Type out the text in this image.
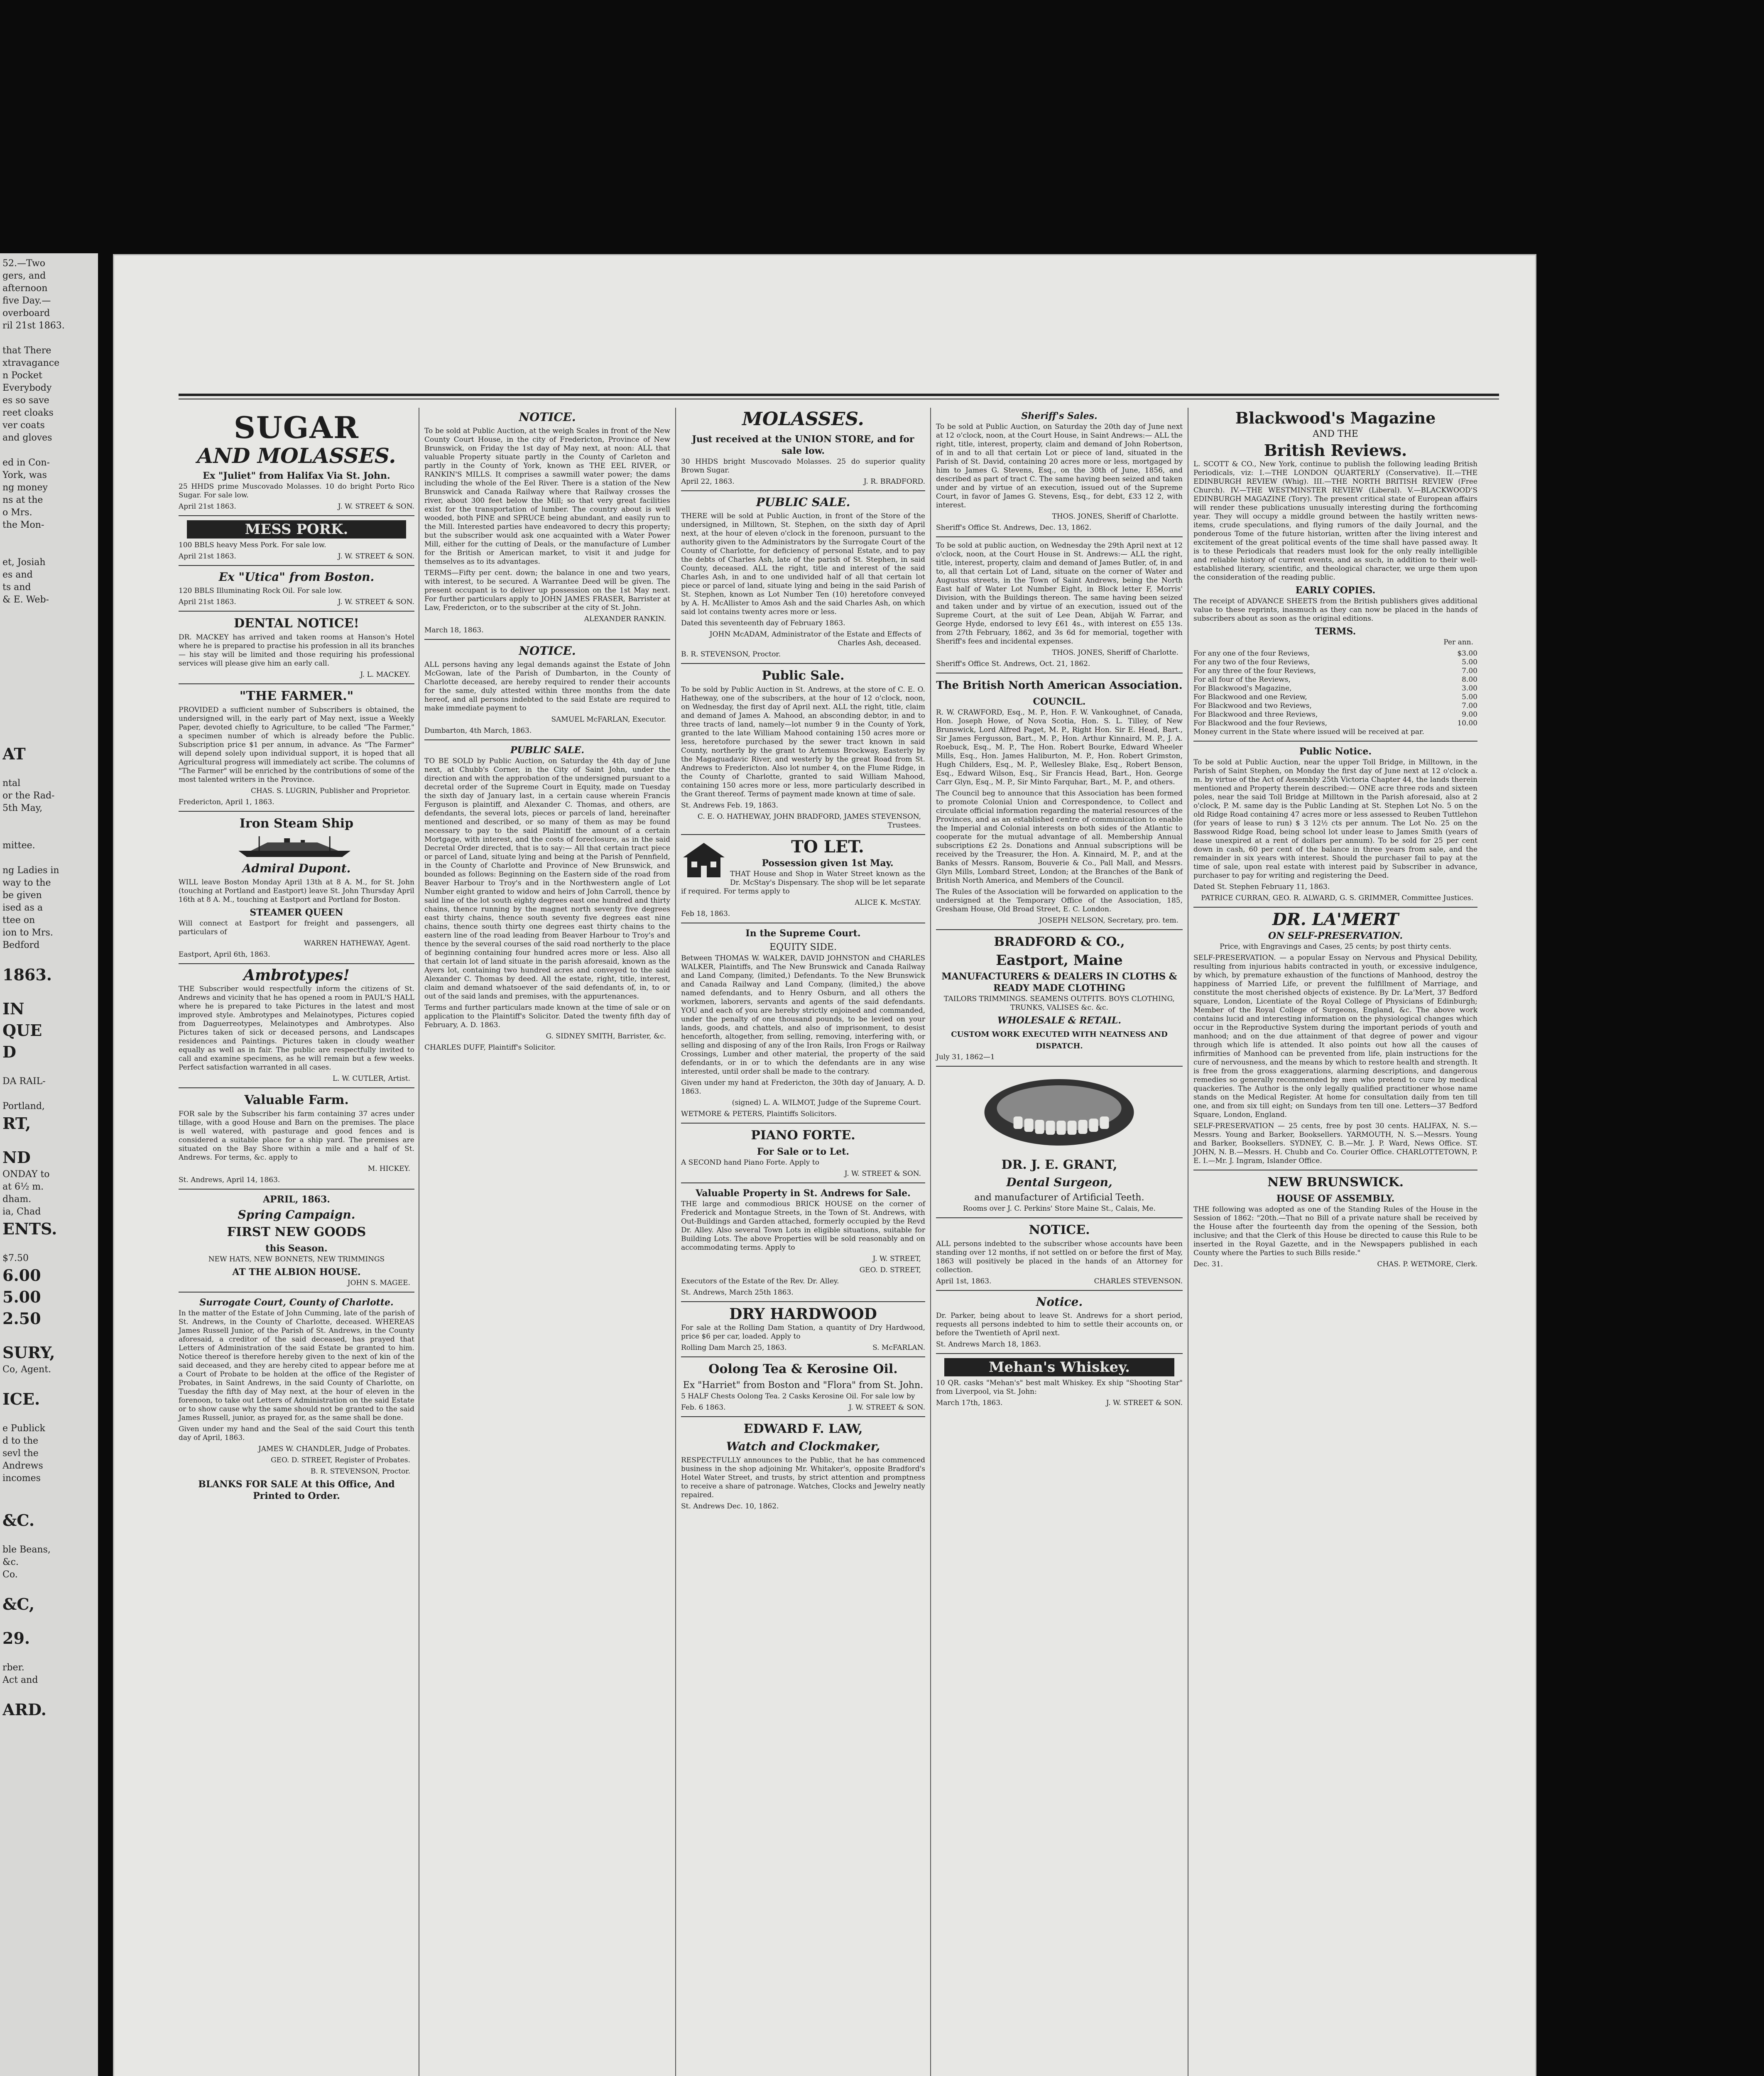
52.—Two
gers, and
afternoon
five Day.—
overboard
ril 21st 1863.
that There
xtravagance
n Pocket
Everybody
es so save
reet cloaks
ver coats
and gloves
ed in Con-
York, was
ng money
ns at the
o Mrs.
the Mon-
et, Josiah
es and
ts and
& E. Web-
AT
ntal
or the Rad-
5th May,
mittee.
ng Ladies in
way to the
be given
ised as a
ttee on
ion to Mrs.
Bedford
1863.
IN
QUE
D
DA RAIL-
Portland,
RT,
ND
ONDAY to
at 6½ m.
dham.
ia, Chad
ENTS.
$7.50
6.00
5.00
2.50
SURY,
Co, Agent.
ICE.
e Publick
d to the
sevl the
Andrews
incomes
&C.
ble Beans,
&c.
Co.
&C,
29.
rber.
Act and
ARD.
SUGAR
AND MOLASSES.
Ex "Juliet" from Halifax Via St. John.

25 HHDS prime Muscovado Molasses. 10 do bright Porto Rico Sugar. For sale low.

April 21st 1863.	J. W. STREET & SON.

MESS PORK.

100 BBLS heavy Mess Pork. For sale low.

April 21st 1863.	J. W. STREET & SON.

Ex "Utica" from Boston.

120 BBLS Illuminating Rock Oil. For sale low.

April 21st 1863.	J. W. STREET & SON.

DENTAL NOTICE!

DR. MACKEY has arrived and taken rooms at Hanson's Hotel where he is prepared to practise his profession in all its branches — his stay will be limited and those requiring his professional services will please give him an early call.

J. L. MACKEY.

"THE FARMER."

PROVIDED a sufficient number of Subscribers is obtained, the undersigned will, in the early part of May next, issue a Weekly Paper, devoted chiefly to Agriculture, to be called "The Farmer," a specimen number of which is already before the Public. Subscription price $1 per annum, in advance. As "The Farmer" will depend solely upon individual support, it is hoped that all Agricultural progress will immediately act scribe. The columns of "The Farmer" will be enriched by the contributions of some of the most talented writers in the Province.

CHAS. S. LUGRIN, Publisher and Proprietor.

Fredericton, April 1, 1863.

Iron Steam Ship
Admiral Dupont.

WILL leave Boston Monday April 13th at 8 A. M., for St. John (touching at Portland and Eastport) leave St. John Thursday April 16th at 8 A. M., touching at Eastport and Portland for Boston.

STEAMER QUEEN

Will connect at Eastport for freight and passengers, all particulars of

WARREN HATHEWAY, Agent.

Eastport, April 6th, 1863.

Ambrotypes!

THE Subscriber would respectfully inform the citizens of St. Andrews and vicinity that he has opened a room in PAUL'S HALL where he is prepared to take Pictures in the latest and most improved style. Ambrotypes and Melainotypes, Pictures copied from Daguerreotypes, Melainotypes and Ambrotypes. Also Pictures taken of sick or deceased persons, and Landscapes residences and Paintings. Pictures taken in cloudy weather equally as well as in fair. The public are respectfully invited to call and examine specimens, as he will remain but a few weeks. Perfect satisfaction warranted in all cases.

L. W. CUTLER, Artist.

Valuable Farm.

FOR sale by the Subscriber his farm containing 37 acres under tillage, with a good House and Barn on the premises. The place is well watered, with pasturage and good fences and is considered a suitable place for a ship yard. The premises are situated on the Bay Shore within a mile and a half of St. Andrews. For terms, &c. apply to

M. HICKEY.

St. Andrews, April 14, 1863.

APRIL, 1863.
Spring Campaign.
FIRST NEW GOODS
this Season.

NEW HATS, NEW BONNETS, NEW TRIMMINGS

AT THE ALBION HOUSE.

JOHN S. MAGEE.

Surrogate Court, County of Charlotte.

In the matter of the Estate of John Cumming, late of the parish of St. Andrews, in the County of Charlotte, deceased. WHEREAS James Russell Junior, of the Parish of St. Andrews, in the County aforesaid, a creditor of the said deceased, has prayed that Letters of Administration of the said Estate be granted to him. Notice thereof is therefore hereby given to the next of kin of the said deceased, and they are hereby cited to appear before me at a Court of Probate to be holden at the office of the Register of Probates, in Saint Andrews, in the said County of Charlotte, on Tuesday the fifth day of May next, at the hour of eleven in the forenoon, to take out Letters of Administration on the said Estate or to show cause why the same should not be granted to the said James Russell, junior, as prayed for, as the same shall be done.

Given under my hand and the Seal of the said Court this tenth day of April, 1863.

JAMES W. CHANDLER, Judge of Probates.

GEO. D. STREET, Register of Probates.

B. R. STEVENSON, Proctor.

BLANKS FOR SALE At this Office, And Printed to Order.
NOTICE.

To be sold at Public Auction, at the weigh Scales in front of the New County Court House, in the city of Fredericton, Province of New Brunswick, on Friday the 1st day of May next, at noon: ALL that valuable Property situate partly in the County of Carleton and partly in the County of York, known as THE EEL RIVER, or RANKIN'S MILLS. It comprises a sawmill water power; the dams including the whole of the Eel River. There is a station of the New Brunswick and Canada Railway where that Railway crosses the river, about 300 feet below the Mill; so that very great facilities exist for the transportation of lumber. The country about is well wooded, both PINE and SPRUCE being abundant, and easily run to the Mill. Interested parties have endeavored to decry this property; but the subscriber would ask one acquainted with a Water Power Mill, either for the cutting of Deals, or the manufacture of Lumber for the British or American market, to visit it and judge for themselves as to its advantages.

TERMS—Fifty per cent. down; the balance in one and two years, with interest, to be secured. A Warrantee Deed will be given. The present occupant is to deliver up possession on the 1st May next. For further particulars apply to JOHN JAMES FRASER, Barrister at Law, Fredericton, or to the subscriber at the city of St. John.

ALEXANDER RANKIN.

March 18, 1863.

NOTICE.

ALL persons having any legal demands against the Estate of John McGowan, late of the Parish of Dumbarton, in the County of Charlotte deceased, are hereby required to render their accounts for the same, duly attested within three months from the date hereof, and all persons indebted to the said Estate are required to make immediate payment to

SAMUEL McFARLAN, Executor.

Dumbarton, 4th March, 1863.

PUBLIC SALE.

TO BE SOLD by Public Auction, on Saturday the 4th day of June next, at Chubb's Corner, in the City of Saint John, under the direction and with the approbation of the undersigned pursuant to a decretal order of the Supreme Court in Equity, made on Tuesday the sixth day of January last, in a certain cause wherein Francis Ferguson is plaintiff, and Alexander C. Thomas, and others, are defendants, the several lots, pieces or parcels of land, hereinafter mentioned and described, or so many of them as may be found necessary to pay to the said Plaintiff the amount of a certain Mortgage, with interest, and the costs of foreclosure, as in the said Decretal Order directed, that is to say:— All that certain tract piece or parcel of Land, situate lying and being at the Parish of Pennfield, in the County of Charlotte and Province of New Brunswick, and bounded as follows: Beginning on the Eastern side of the road from Beaver Harbour to Troy's and in the Northwestern angle of Lot Number eight granted to widow and heirs of John Carroll, thence by said line of the lot south eighty degrees east one hundred and thirty chains, thence running by the magnet north seventy five degrees east thirty chains, thence south seventy five degrees east nine chains, thence south thirty one degrees east thirty chains to the eastern line of the road leading from Beaver Harbour to Troy's and thence by the several courses of the said road northerly to the place of beginning containing four hundred acres more or less. Also all that certain lot of land situate in the parish aforesaid, known as the Ayers lot, containing two hundred acres and conveyed to the said Alexander C. Thomas by deed. All the estate, right, title, interest, claim and demand whatsoever of the said defendants of, in, to or out of the said lands and premises, with the appurtenances.

Terms and further particulars made known at the time of sale or on application to the Plaintiff's Solicitor. Dated the twenty fifth day of February, A. D. 1863.

G. SIDNEY SMITH, Barrister, &c.

CHARLES DUFF, Plaintiff's Solicitor.

MOLASSES.
Just received at the UNION STORE, and for sale low.

30 HHDS bright Muscovado Molasses. 25 do superior quality Brown Sugar.

April 22, 1863.	J. R. BRADFORD.

PUBLIC SALE.

THERE will be sold at Public Auction, in front of the Store of the undersigned, in Milltown, St. Stephen, on the sixth day of April next, at the hour of eleven o'clock in the forenoon, pursuant to the authority given to the Administrators by the Surrogate Court of the County of Charlotte, for deficiency of personal Estate, and to pay the debts of Charles Ash, late of the parish of St. Stephen, in said County, deceased. ALL the right, title and interest of the said Charles Ash, in and to one undivided half of all that certain lot piece or parcel of land, situate lying and being in the said Parish of St. Stephen, known as Lot Number Ten (10) heretofore conveyed by A. H. McAllister to Amos Ash and the said Charles Ash, on which said lot contains twenty acres more or less.

Dated this seventeenth day of February 1863.

JOHN McADAM, Administrator of the Estate and Effects of Charles Ash, deceased.

B. R. STEVENSON, Proctor.

Public Sale.

To be sold by Public Auction in St. Andrews, at the store of C. E. O. Hatheway, one of the subscribers, at the hour of 12 o'clock, noon, on Wednesday, the first day of April next. ALL the right, title, claim and demand of James A. Mahood, an absconding debtor, in and to three tracts of land, namely—lot number 9 in the County of York, granted to the late William Mahood containing 150 acres more or less, heretofore purchased by the sewer tract known in said County, northerly by the grant to Artemus Brockway, Easterly by the Magaguadavic River, and westerly by the great Road from St. Andrews to Fredericton. Also lot number 4, on the Flume Ridge, in the County of Charlotte, granted to said William Mahood, containing 150 acres more or less, more particularly described in the Grant thereof. Terms of payment made known at time of sale.

St. Andrews Feb. 19, 1863.

C. E. O. HATHEWAY, JOHN BRADFORD, JAMES STEVENSON, Trustees.

TO LET.
Possession given 1st May.

THAT House and Shop in Water Street known as the Dr. McStay's Dispensary. The shop will be let separate if required. For terms apply to

ALICE K. McSTAY.

Feb 18, 1863.

In the Supreme Court.
EQUITY SIDE.

Between THOMAS W. WALKER, DAVID JOHNSTON and CHARLES WALKER, Plaintiffs, and The New Brunswick and Canada Railway and Land Company, (limited,) Defendants. To the New Brunswick and Canada Railway and Land Company, (limited,) the above named defendants, and to Henry Osburn, and all others the workmen, laborers, servants and agents of the said defendants. YOU and each of you are hereby strictly enjoined and commanded, under the penalty of one thousand pounds, to be levied on your lands, goods, and chattels, and also of imprisonment, to desist henceforth, altogether, from selling, removing, interfering with, or selling and disposing of any of the Iron Rails, Iron Frogs or Railway Crossings, Lumber and other material, the property of the said defendants, or in or to which the defendants are in any wise interested, until order shall be made to the contrary.

Given under my hand at Fredericton, the 30th day of January, A. D. 1863.

(signed) L. A. WILMOT, Judge of the Supreme Court.

WETMORE & PETERS, Plaintiffs Solicitors.

PIANO FORTE.
For Sale or to Let.

A SECOND hand Piano Forte. Apply to

J. W. STREET & SON.

Valuable Property in St. Andrews for Sale.

THE large and commodious BRICK HOUSE on the corner of Frederick and Montague Streets, in the Town of St. Andrews, with Out-Buildings and Garden attached, formerly occupied by the Revd Dr. Alley. Also several Town Lots in eligible situations, suitable for Building Lots. The above Properties will be sold reasonably and on accommodating terms. Apply to

J. W. STREET,

GEO. D. STREET,

Executors of the Estate of the Rev. Dr. Alley.

St. Andrews, March 25th 1863.

DRY HARDWOOD

For sale at the Rolling Dam Station, a quantity of Dry Hardwood, price $6 per car, loaded. Apply to

Rolling Dam March 25, 1863.	S. McFARLAN.

Oolong Tea & Kerosine Oil.
Ex "Harriet" from Boston and "Flora" from St. John.

5 HALF Chests Oolong Tea. 2 Casks Kerosine Oil. For sale low by

Feb. 6 1863.	J. W. STREET & SON.

EDWARD F. LAW,
Watch and Clockmaker,

RESPECTFULLY announces to the Public, that he has commenced business in the shop adjoining Mr. Whitaker's, opposite Bradford's Hotel Water Street, and trusts, by strict attention and promptness to receive a share of patronage. Watches, Clocks and Jewelry neatly repaired.

St. Andrews Dec. 10, 1862.

Sheriff's Sales.

To be sold at Public Auction, on Saturday the 20th day of June next at 12 o'clock, noon, at the Court House, in Saint Andrews:— ALL the right, title, interest, property, claim and demand of John Robertson, of in and to all that certain Lot or piece of land, situated in the Parish of St. David, containing 20 acres more or less, mortgaged by him to James G. Stevens, Esq., on the 30th of June, 1856, and described as part of tract C. The same having been seized and taken under and by virtue of an execution, issued out of the Supreme Court, in favor of James G. Stevens, Esq., for debt, £33 12 2, with interest.

THOS. JONES, Sheriff of Charlotte.

Sheriff's Office St. Andrews, Dec. 13, 1862.

To be sold at public auction, on Wednesday the 29th April next at 12 o'clock, noon, at the Court House in St. Andrews:— ALL the right, title, interest, property, claim and demand of James Butler, of, in and to, all that certain Lot of Land, situate on the corner of Water and Augustus streets, in the Town of Saint Andrews, being the North East half of Water Lot Number Eight, in Block letter F, Morris' Division, with the Buildings thereon. The same having been seized and taken under and by virtue of an execution, issued out of the Supreme Court, at the suit of Lee Dean, Abijah W. Farrar, and George Hyde, endorsed to levy £61 4s., with interest on £55 13s. from 27th February, 1862, and 3s 6d for memorial, together with Sheriff's fees and incidental expenses.

THOS. JONES, Sheriff of Charlotte.

Sheriff's Office St. Andrews, Oct. 21, 1862.

The British North American Association.
COUNCIL.

R. W. CRAWFORD, Esq., M. P., Hon. F. W. Vankoughnet, of Canada, Hon. Joseph Howe, of Nova Scotia, Hon. S. L. Tilley, of New Brunswick, Lord Alfred Paget, M. P., Right Hon. Sir E. Head, Bart., Sir James Fergusson, Bart., M. P., Hon. Arthur Kinnaird, M. P., J. A. Roebuck, Esq., M. P., The Hon. Robert Bourke, Edward Wheeler Mills, Esq., Hon. James Haliburton, M. P., Hon. Robert Grimston, Hugh Childers, Esq., M. P., Wellesley Blake, Esq., Robert Benson, Esq., Edward Wilson, Esq., Sir Francis Head, Bart., Hon. George Carr Glyn, Esq., M. P., Sir Minto Farquhar, Bart., M. P., and others.

The Council beg to announce that this Association has been formed to promote Colonial Union and Correspondence, to Collect and circulate official information regarding the material resources of the Provinces, and as an established centre of communication to enable the Imperial and Colonial interests on both sides of the Atlantic to cooperate for the mutual advantage of all. Membership Annual subscriptions £2 2s. Donations and Annual subscriptions will be received by the Treasurer, the Hon. A. Kinnaird, M. P., and at the Banks of Messrs. Ransom, Bouverie & Co., Pall Mall, and Messrs. Glyn Mills, Lombard Street, London; at the Branches of the Bank of British North America, and Members of the Council.

The Rules of the Association will be forwarded on application to the undersigned at the Temporary Office of the Association, 185, Gresham House, Old Broad Street, E. C. London.

JOSEPH NELSON, Secretary, pro. tem.

BRADFORD & CO.,
Eastport, Maine
MANUFACTURERS & DEALERS IN CLOTHS & READY MADE CLOTHING

TAILORS TRIMMINGS. SEAMENS OUTFITS. BOYS CLOTHING, TRUNKS, VALISES &c. &c.

WHOLESALE & RETAIL.
CUSTOM WORK EXECUTED WITH NEATNESS AND DISPATCH.

July 31, 1862—1

DR. J. E. GRANT,
Dental Surgeon,
and manufacturer of Artificial Teeth.

Rooms over J. C. Perkins' Store Maine St., Calais, Me.

NOTICE.

ALL persons indebted to the subscriber whose accounts have been standing over 12 months, if not settled on or before the first of May, 1863 will positively be placed in the hands of an Attorney for collection.

April 1st, 1863.	CHARLES STEVENSON.

Notice.

Dr. Parker, being about to leave St. Andrews for a short period, requests all persons indebted to him to settle their accounts on, or before the Twentieth of April next.

St. Andrews March 18, 1863.

Mehan's Whiskey.

10 QR. casks "Mehan's" best malt Whiskey. Ex ship "Shooting Star" from Liverpool, via St. John:

March 17th, 1863.	J. W. STREET & SON.

Blackwood's Magazine
AND THE
British Reviews.

L. SCOTT & CO., New York, continue to publish the following leading British Periodicals, viz: I.—THE LONDON QUARTERLY (Conservative). II.—THE EDINBURGH REVIEW (Whig). III.—THE NORTH BRITISH REVIEW (Free Church). IV.—THE WESTMINSTER REVIEW (Liberal). V.—BLACKWOOD'S EDINBURGH MAGAZINE (Tory). The present critical state of European affairs will render these publications unusually interesting during the forthcoming year. They will occupy a middle ground between the hastily written news-items, crude speculations, and flying rumors of the daily Journal, and the ponderous Tome of the future historian, written after the living interest and excitement of the great political events of the time shall have passed away. It is to these Periodicals that readers must look for the only really intelligible and reliable history of current events, and as such, in addition to their well-established literary, scientific, and theological character, we urge them upon the consideration of the reading public.

EARLY COPIES.

The receipt of ADVANCE SHEETS from the British publishers gives additional value to these reprints, inasmuch as they can now be placed in the hands of subscribers about as soon as the original editions.

TERMS.

Per ann.

For any one of the four Reviews,	$3.00
For any two of the four Reviews,	5.00
For any three of the four Reviews,	7.00
For all four of the Reviews,	8.00
For Blackwood's Magazine,	3.00
For Blackwood and one Review,	5.00
For Blackwood and two Reviews,	7.00
For Blackwood and three Reviews,	9.00
For Blackwood and the four Reviews,	10.00

Money current in the State where issued will be received at par.

Public Notice.

To be sold at Public Auction, near the upper Toll Bridge, in Milltown, in the Parish of Saint Stephen, on Monday the first day of June next at 12 o'clock a. m. by virtue of the Act of Assembly 25th Victoria Chapter 44, the lands therein mentioned and Property therein described:— ONE acre three rods and sixteen poles, near the said Toll Bridge at Milltown in the Parish aforesaid, also at 2 o'clock, P. M. same day is the Public Landing at St. Stephen Lot No. 5 on the old Ridge Road containing 47 acres more or less assessed to Reuben Tuttlehon (for years of lease to run) $ 3 12½ cts per annum. The Lot No. 25 on the Basswood Ridge Road, being school lot under lease to James Smith (years of lease unexpired at a rent of dollars per annum). To be sold for 25 per cent down in cash, 60 per cent of the balance in three years from sale, and the remainder in six years with interest. Should the purchaser fail to pay at the time of sale, upon real estate with interest paid by Subscriber in advance, purchaser to pay for writing and registering the Deed.

Dated St. Stephen February 11, 1863.

PATRICE CURRAN, GEO. R. ALWARD, G. S. GRIMMER, Committee Justices.

DR. LA'MERT
ON SELF-PRESERVATION.

Price, with Engravings and Cases, 25 cents; by post thirty cents.

SELF-PRESERVATION. — a popular Essay on Nervous and Physical Debility, resulting from injurious habits contracted in youth, or excessive indulgence, by which, by premature exhaustion of the functions of Manhood, destroy the happiness of Married Life, or prevent the fulfillment of Marriage, and constitute the most cherished objects of existence. By Dr. La'Mert, 37 Bedford square, London, Licentiate of the Royal College of Physicians of Edinburgh; Member of the Royal College of Surgeons, England, &c. The above work contains lucid and interesting information on the physiological changes which occur in the Reproductive System during the important periods of youth and manhood; and on the due attainment of that degree of power and vigour through which life is attended. It also points out how all the causes of infirmities of Manhood can be prevented from life, plain instructions for the cure of nervousness, and the means by which to restore health and strength. It is free from the gross exaggerations, alarming descriptions, and dangerous remedies so generally recommended by men who pretend to cure by medical quackeries. The Author is the only legally qualified practitioner whose name stands on the Medical Register. At home for consultation daily from ten till one, and from six till eight; on Sundays from ten till one. Letters—37 Bedford Square, London, England.

SELF-PRESERVATION — 25 cents, free by post 30 cents. HALIFAX, N. S.—Messrs. Young and Barker, Booksellers. YARMOUTH, N. S.—Messrs. Young and Barker, Booksellers. SYDNEY, C. B.—Mr. J. P. Ward, News Office. ST. JOHN, N. B.—Messrs. H. Chubb and Co. Courier Office. CHARLOTTETOWN, P. E. I.—Mr. J. Ingram, Islander Office.

NEW BRUNSWICK.
HOUSE OF ASSEMBLY.

THE following was adopted as one of the Standing Rules of the House in the Session of 1862: "20th.—That no Bill of a private nature shall be received by the House after the fourteenth day from the opening of the Session, both inclusive; and that the Clerk of this House be directed to cause this Rule to be inserted in the Royal Gazette, and in the Newspapers published in each County where the Parties to such Bills reside."

Dec. 31.	CHAS. P. WETMORE, Clerk.
